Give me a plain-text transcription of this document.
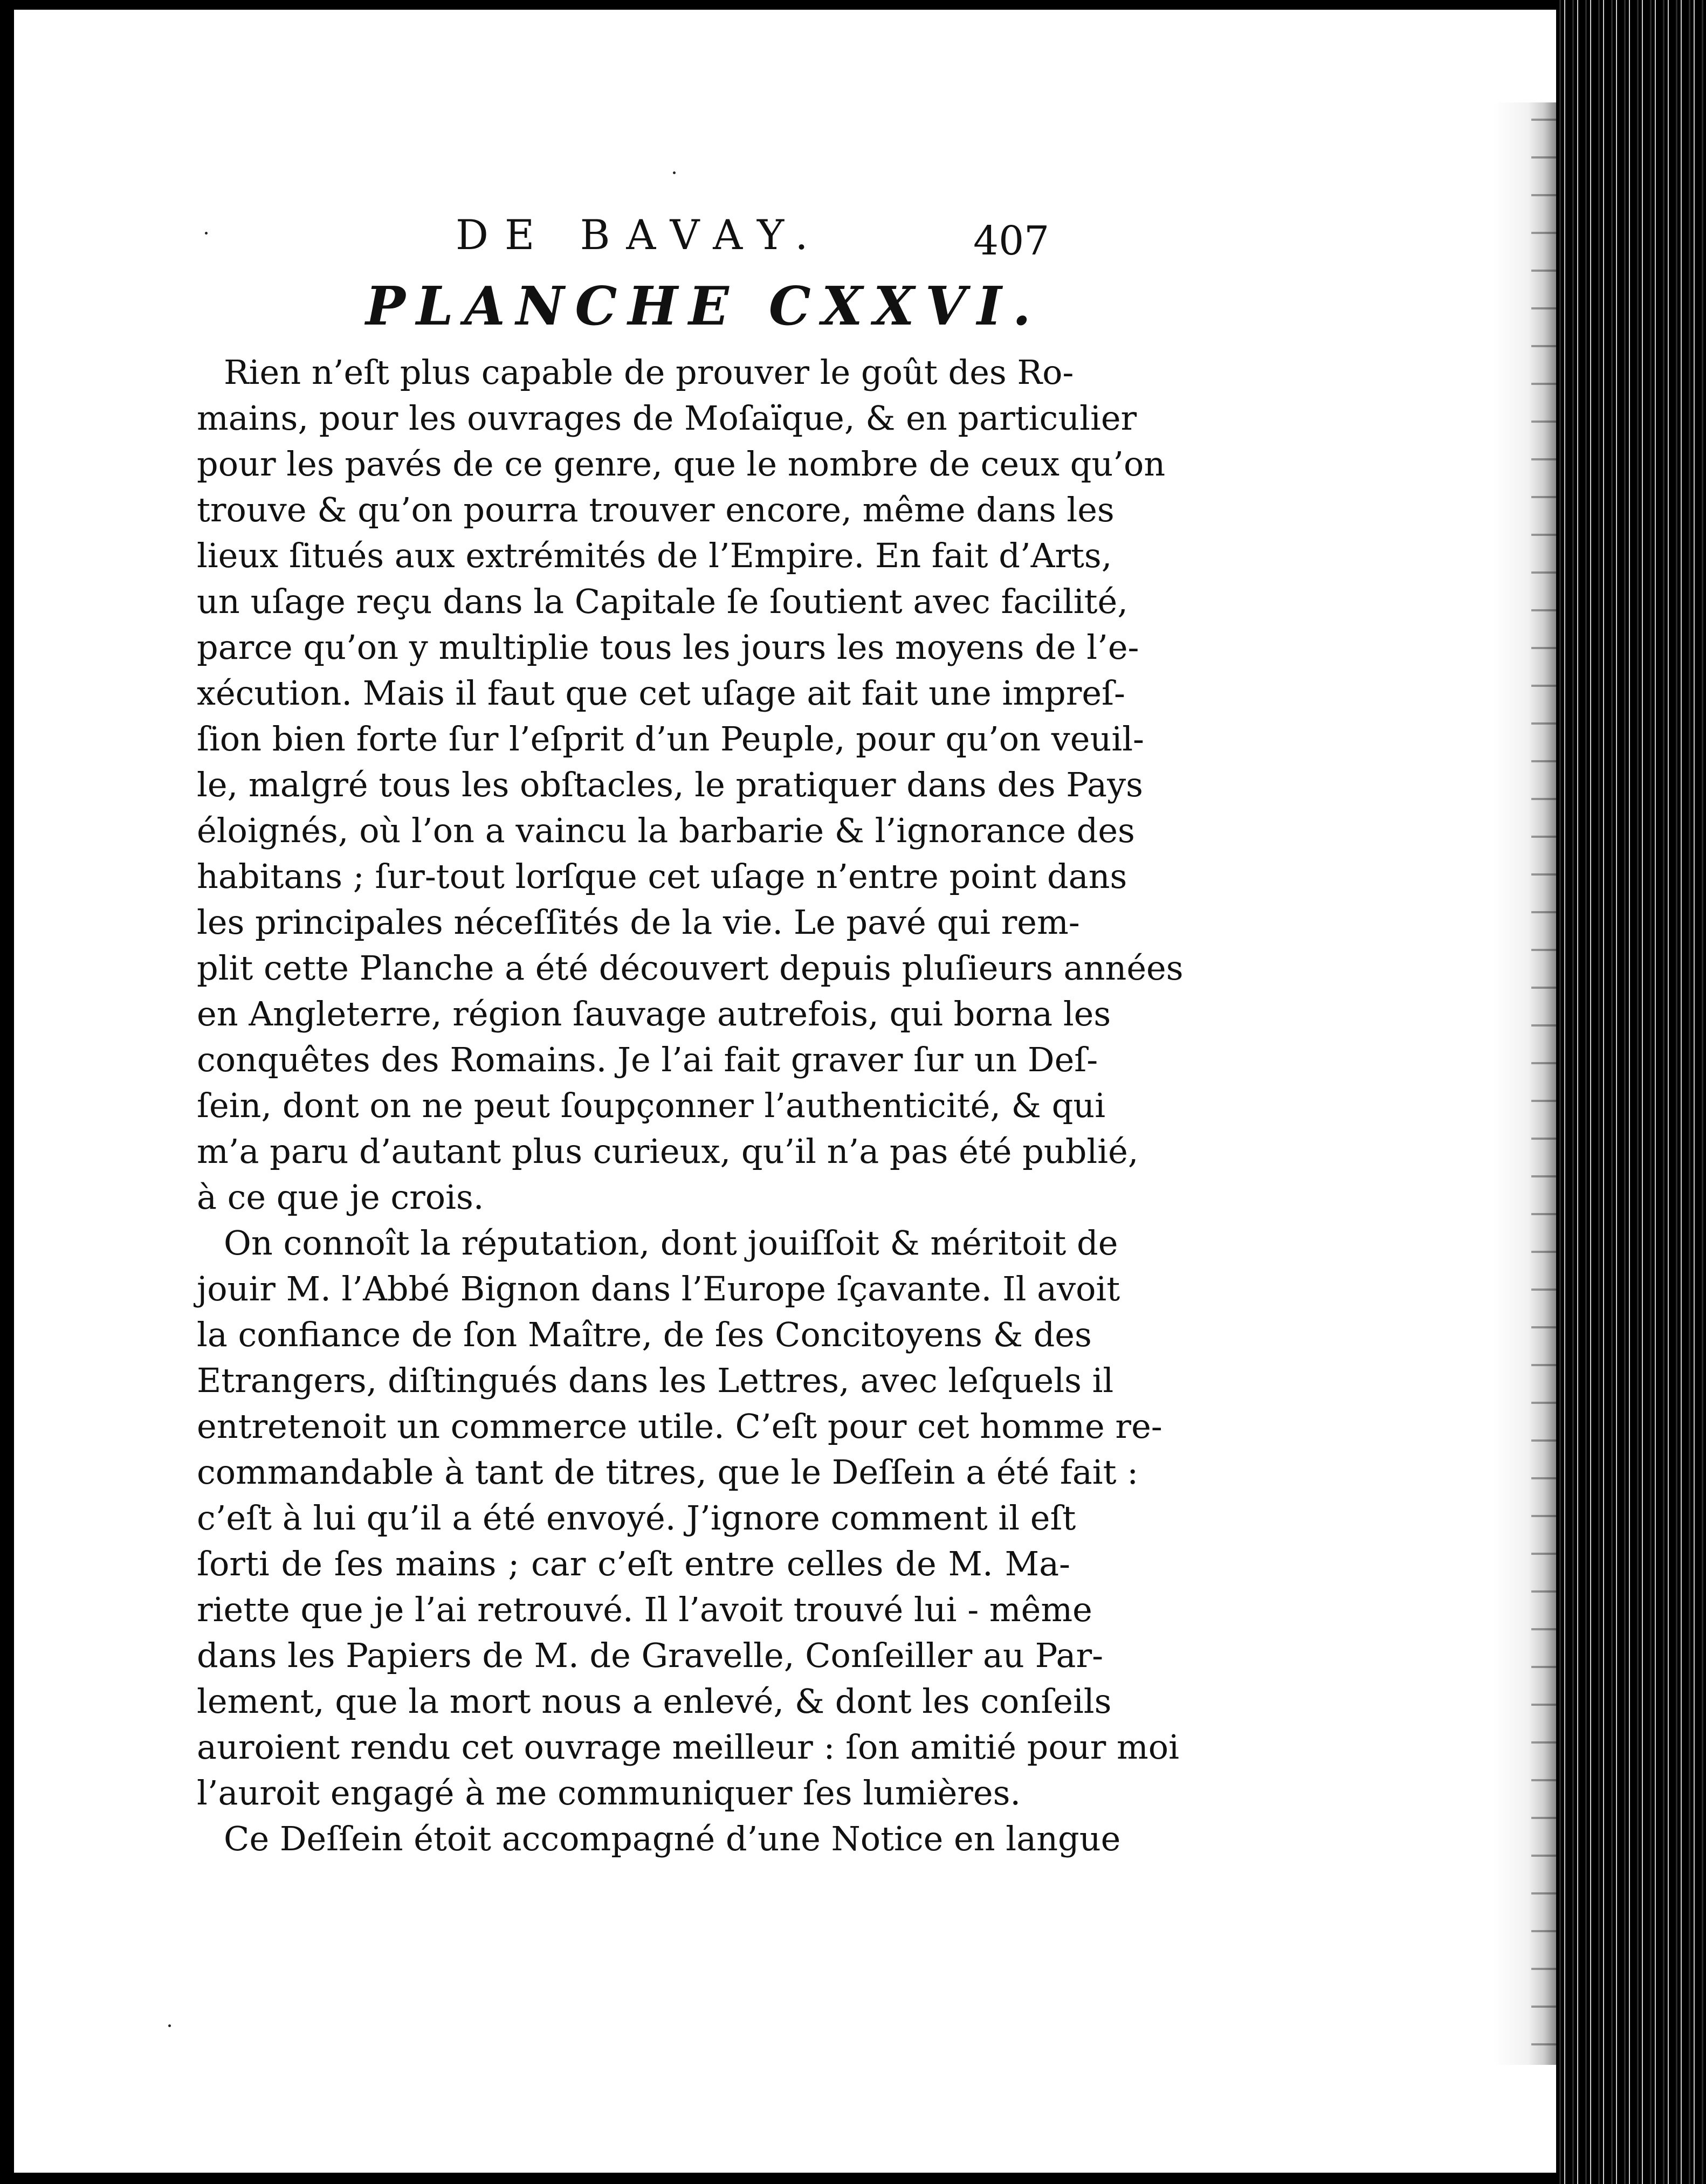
DE BAVAY.	407
PLANCHE CXXVI.
Rien n’eſt plus capable de prouver le goût des Ro-
mains, pour les ouvrages de Moſaïque, & en particulier
pour les pavés de ce genre, que le nombre de ceux qu’on
trouve & qu’on pourra trouver encore, même dans les
lieux ſitués aux extrémités de l’Empire. En fait d’Arts,
un uſage reçu dans la Capitale ſe ſoutient avec facilité,
parce qu’on y multiplie tous les jours les moyens de l’e-
xécution. Mais il faut que cet uſage ait fait une impreſ-
ſion bien forte ſur l’eſprit d’un Peuple, pour qu’on veuil-
le, malgré tous les obſtacles, le pratiquer dans des Pays
éloignés, où l’on a vaincu la barbarie & l’ignorance des
habitans ; ſur-tout lorſque cet uſage n’entre point dans
les principales néceſſités de la vie. Le pavé qui rem-
plit cette Planche a été découvert depuis pluſieurs années
en Angleterre, région ſauvage autrefois, qui borna les
conquêtes des Romains. Je l’ai fait graver ſur un Deſ-
ſein, dont on ne peut ſoupçonner l’authenticité, & qui
m’a paru d’autant plus curieux, qu’il n’a pas été publié,
à ce que je crois.
On connoît la réputation, dont jouiſſoit & méritoit de
jouir M. l’Abbé Bignon dans l’Europe ſçavante. Il avoit
la confiance de ſon Maître, de ſes Concitoyens & des
Etrangers, diſtingués dans les Lettres, avec leſquels il
entretenoit un commerce utile. C’eſt pour cet homme re-
commandable à tant de titres, que le Deſſein a été fait :
c’eſt à lui qu’il a été envoyé. J’ignore comment il eſt
ſorti de ſes mains ; car c’eſt entre celles de M. Ma-
riette que je l’ai retrouvé. Il l’avoit trouvé lui - même
dans les Papiers de M. de Gravelle, Conſeiller au Par-
lement, que la mort nous a enlevé, & dont les conſeils
auroient rendu cet ouvrage meilleur : ſon amitié pour moi
l’auroit engagé à me communiquer ſes lumières.
Ce Deſſein étoit accompagné d’une Notice en langue
